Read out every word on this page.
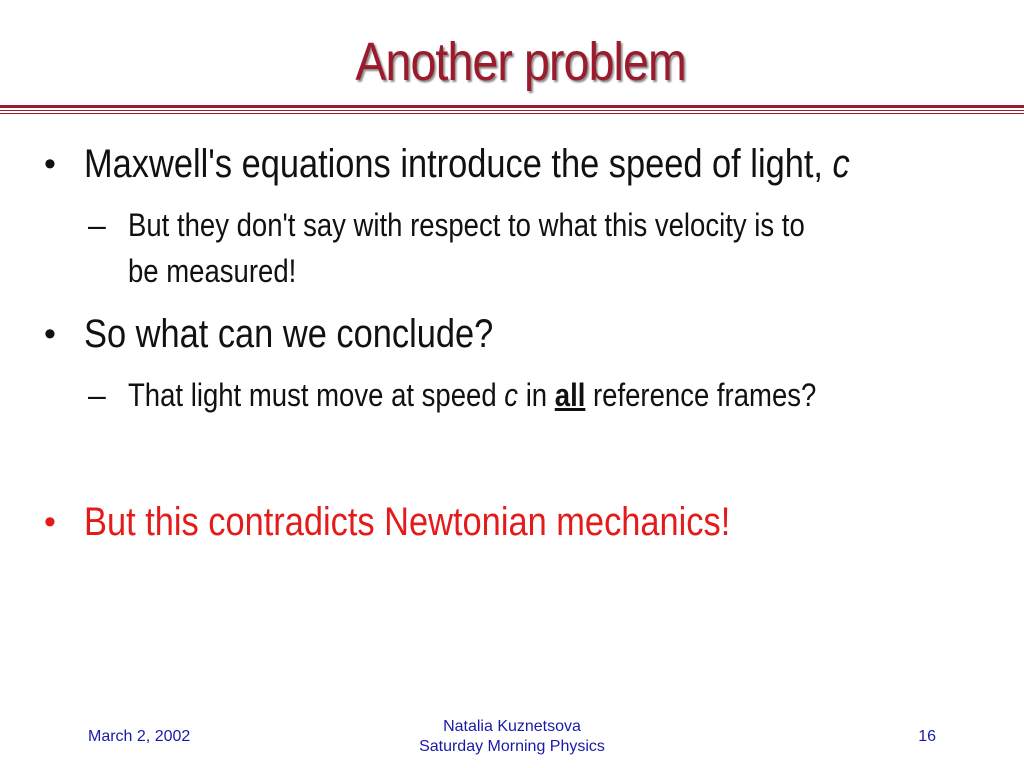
Another problem
• Maxwell's equations introduce the speed of light, c
– But they don't say with respect to what this velocity is to
be measured!
• So what can we conclude?
– That light must move at speed c in all reference frames?
• But this contradicts Newtonian mechanics!
March 2, 2002
Natalia Kuznetsova
Saturday Morning Physics
16
